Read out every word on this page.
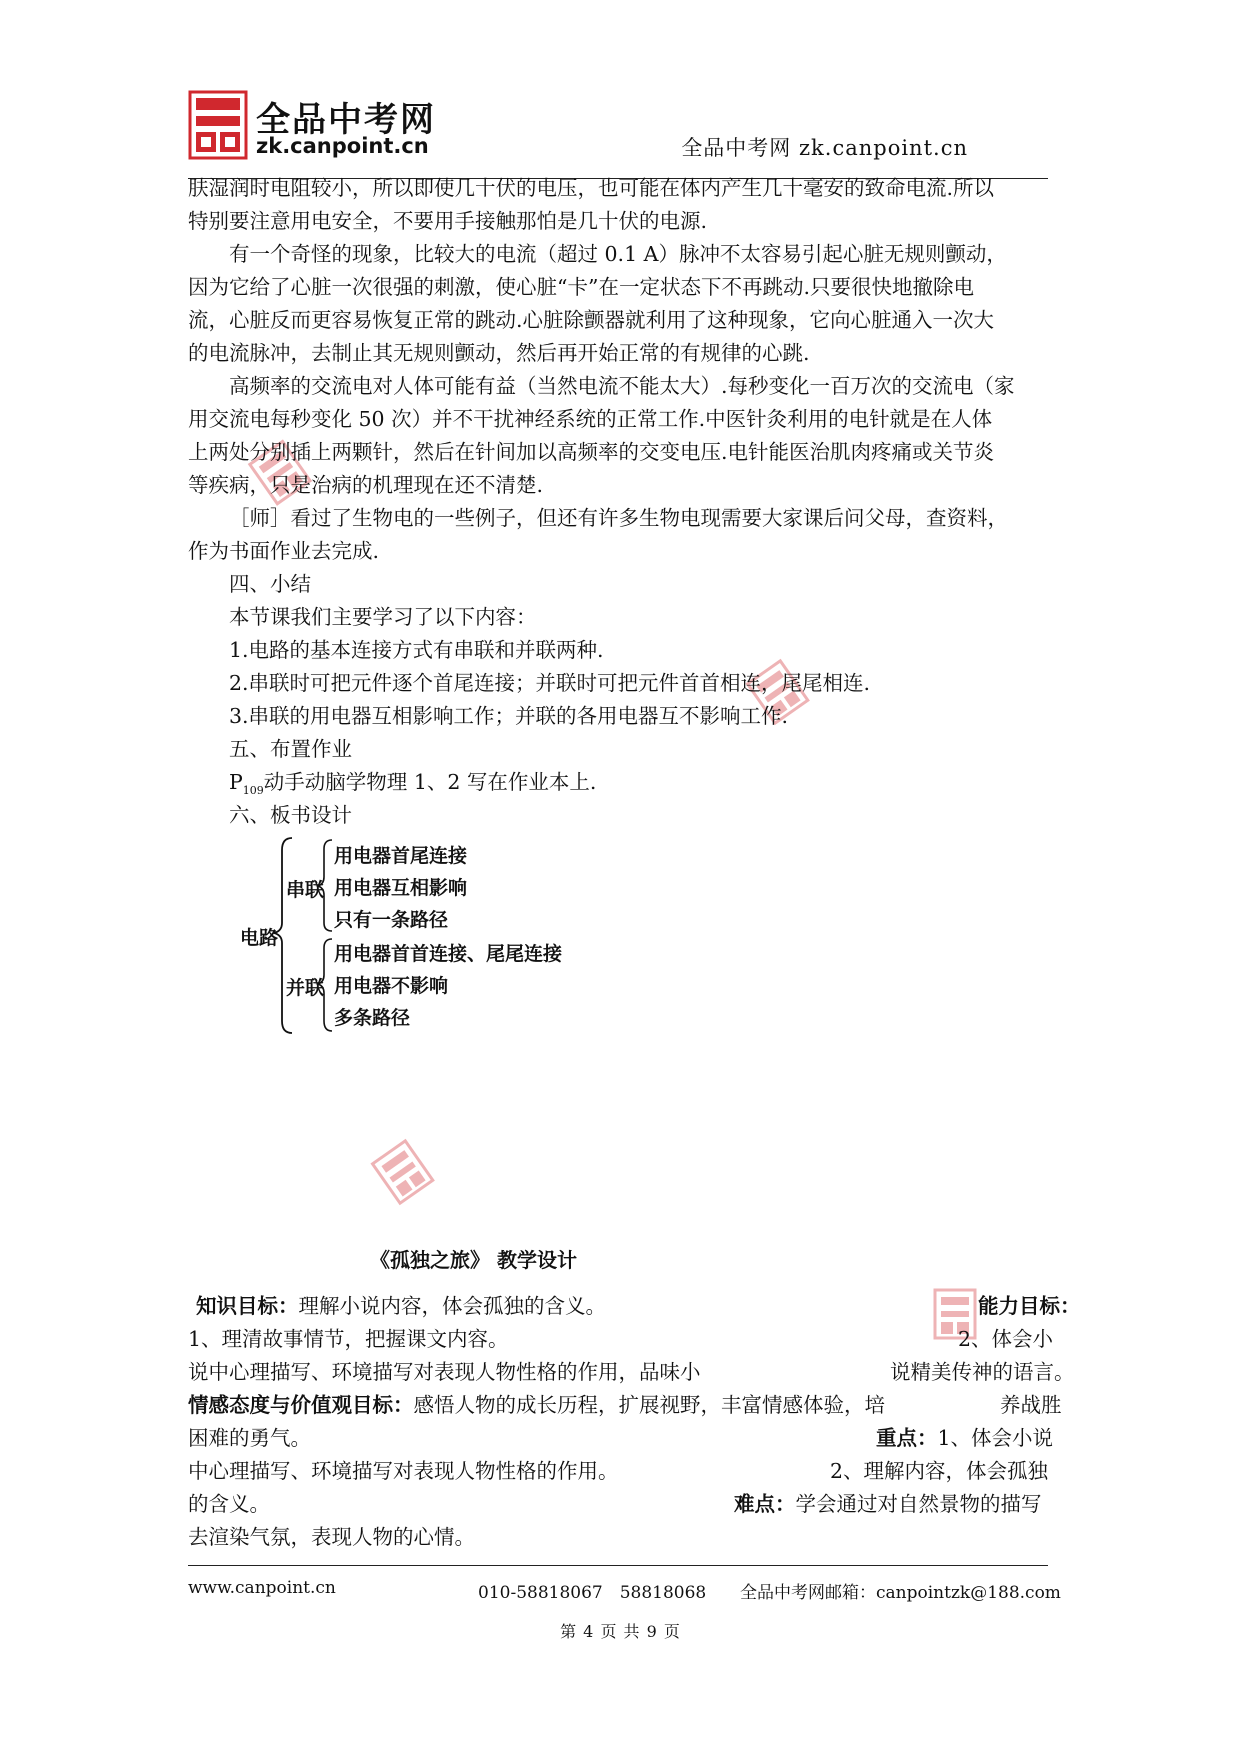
全品中考网
zk.canpoint.cn	全品中考网 zk.canpoint.cn
肤湿润时电阻较小，所以即使几十伏的电压，也可能在体内产生几十毫安的致命电流.所以
特别要注意用电安全，不要用手接触那怕是几十伏的电源.
有一个奇怪的现象，比较大的电流（超过 0.1 A）脉冲不太容易引起心脏无规则颤动，
因为它给了心脏一次很强的刺激，使心脏“卡”在一定状态下不再跳动.只要很快地撤除电
流，心脏反而更容易恢复正常的跳动.心脏除颤器就利用了这种现象，它向心脏通入一次大
的电流脉冲，去制止其无规则颤动，然后再开始正常的有规律的心跳.
高频率的交流电对人体可能有益（当然电流不能太大）.每秒变化一百万次的交流电（家
用交流电每秒变化 50 次）并不干扰神经系统的正常工作.中医针灸利用的电针就是在人体
上两处分别插上两颗针，然后在针间加以高频率的交变电压.电针能医治肌肉疼痛或关节炎
等疾病，只是治病的机理现在还不清楚.
［师］看过了生物电的一些例子，但还有许多生物电现需要大家课后问父母，查资料，
作为书面作业去完成.
四、小结
本节课我们主要学习了以下内容：
1.电路的基本连接方式有串联和并联两种.
2.串联时可把元件逐个首尾连接；并联时可把元件首首相连，尾尾相连.
3.串联的用电器互相影响工作；并联的各用电器互不影响工作.
五、布置作业
$P_{109}$动手动脑学物理 1、2 写在作业本上.
六、板书设计
电路
串联
用电器首尾连接
用电器互相影响
只有一条路径
并联
用电器首首连接、尾尾连接
用电器不影响
多条路径
《孤独之旅》 教学设计
知识目标：理解小说内容，体会孤独的含义。	能力目标：
1、理清故事情节，把握课文内容。	2、体会小
说中心理描写、环境描写对表现人物性格的作用，品味小	说精美传神的语言。
情感态度与价值观目标：感悟人物的成长历程，扩展视野，丰富情感体验，培	养战胜
困难的勇气。	重点：1、体会小说
中心理描写、环境描写对表现人物性格的作用。	2、理解内容，体会孤独
的含义。	难点：学会通过对自然景物的描写
去渲染气氛，表现人物的心情。
www.canpoint.cn	010-58818067　58818068 全品中考网邮箱：canpointzk@188.com
第 4 页 共 9 页
